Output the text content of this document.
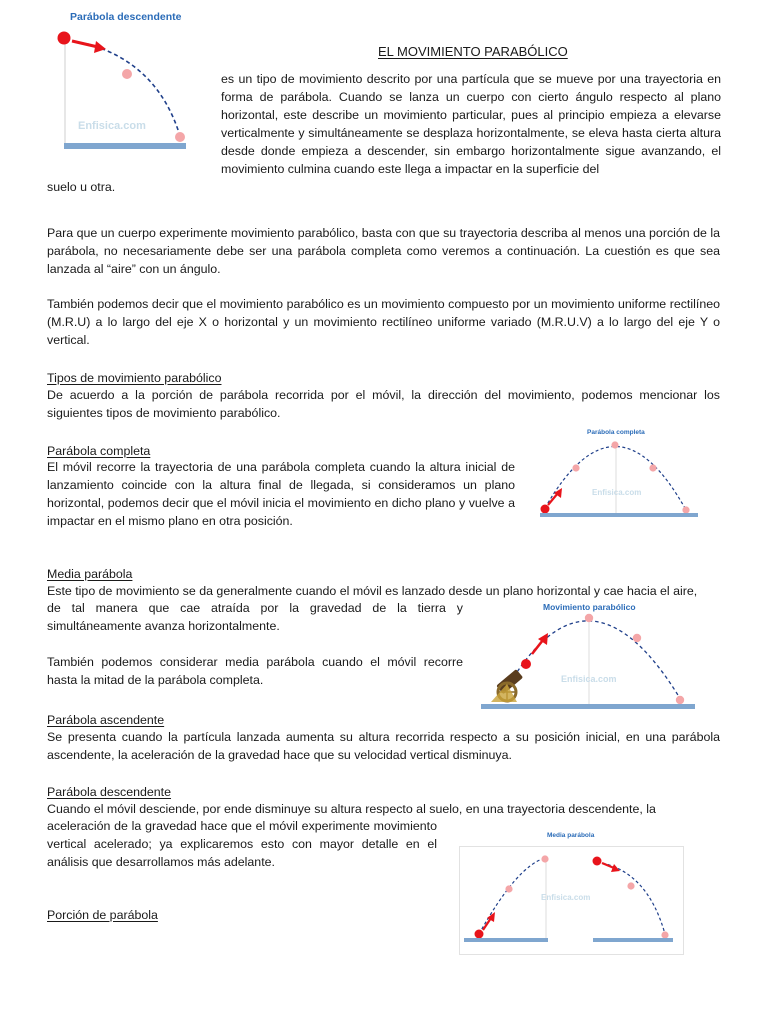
Parábola descendente
Enfisica.com
EL MOVIMIENTO PARABÓLICO

es un tipo de movimiento descrito por una partícula que se mueve por una trayectoria en forma de parábola. Cuando se lanza un cuerpo con cierto ángulo respecto al plano horizontal, este describe un movimiento particular, pues al principio empieza a elevarse verticalmente y simultáneamente se desplaza horizontalmente, se eleva hasta cierta altura desde donde empieza a descender, sin embargo horizontalmente sigue avanzando, el movimiento culmina cuando este llega a impactar en la superficie del

suelo u otra.

Para que un cuerpo experimente movimiento parabólico, basta con que su trayectoria describa al menos una porción de la parábola, no necesariamente debe ser una parábola completa como veremos a continuación. La cuestión es que sea lanzada al “aire” con un ángulo.

También podemos decir que el movimiento parabólico es un movimiento compuesto por un movimiento uniforme rectilíneo (M.R.U) a lo largo del eje X o horizontal y un movimiento rectilíneo uniforme variado (M.R.U.V) a lo largo del eje Y o vertical.

Tipos de movimiento parabólico

De acuerdo a la porción de parábola recorrida por el móvil, la dirección del movimiento, podemos mencionar los siguientes tipos de movimiento parabólico.

Parábola completa

El móvil recorre la trayectoria de una parábola completa cuando la altura inicial de lanzamiento coincide con la altura final de llegada, si consideramos un plano horizontal, podemos decir que el móvil inicia el movimiento en dicho plano y vuelve a impactar en el mismo plano en otra posición.

Parábola completa
Enfisica.com
Media parábola

Este tipo de movimiento se da generalmente cuando el móvil es lanzado desde un plano horizontal y cae hacia el aire,

de tal manera que cae atraída por la gravedad de la tierra y simultáneamente avanza horizontalmente.

También podemos considerar media parábola cuando el móvil recorre hasta la mitad de la parábola completa.

Movimiento parabólico
Enfisica.com
Parábola ascendente

Se presenta cuando la partícula lanzada aumenta su altura recorrida respecto a su posición inicial, en una parábola ascendente, la aceleración de la gravedad hace que su velocidad vertical disminuya.

Parábola descendente

Cuando el móvil desciende, por ende disminuye su altura respecto al suelo, en una trayectoria descendente, la

aceleración de la gravedad hace que el móvil experimente movimiento vertical acelerado; ya explicaremos esto con mayor detalle en el análisis que desarrollamos más adelante.

Media parábola
Enfisica.com
Porción de parábola
